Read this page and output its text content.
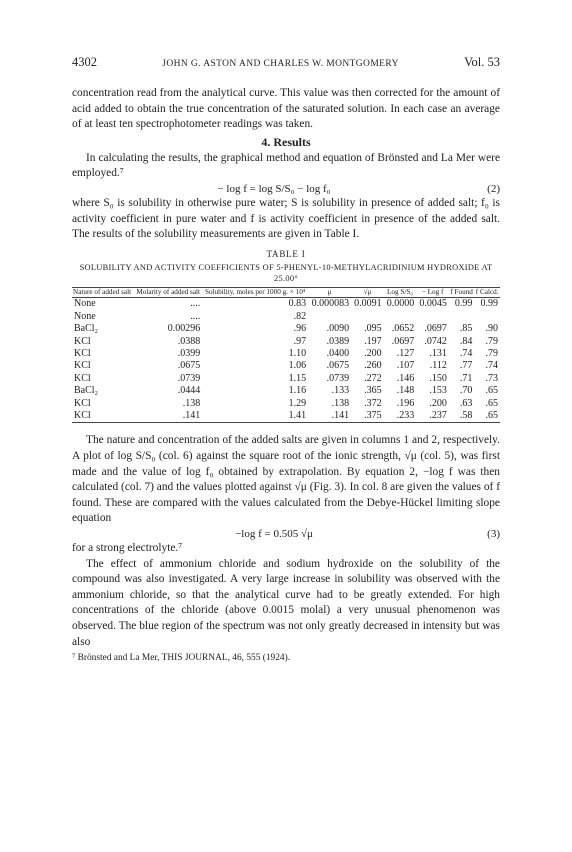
4302	JOHN G. ASTON AND CHARLES W. MONTGOMERY	Vol. 53

concentration read from the analytical curve. This value was then corrected for the amount of acid added to obtain the true concentration of the saturated solution. In each case an average of at least ten spectrophotometer readings was taken.

4. Results

In calculating the results, the graphical method and equation of Brönsted and La Mer were employed.⁷

− log f = log S/S₀ − log f₀	(2)

where S₀ is solubility in otherwise pure water; S is solubility in presence of added salt; f₀ is activity coefficient in pure water and f is activity coefficient in presence of the added salt. The results of the solubility measurements are given in Table I.

TABLE I
SOLUBILITY AND ACTIVITY COEFFICIENTS OF 5-PHENYL-10-METHYLACRIDINIUM HYDROXIDE AT 25.00°
Nature of added salt	Molarity of added salt	Solubility, moles per 1000 g. × 10⁴	μ	√μ	Log S/S₀	− Log f	f Found	f Calcd.
None	....	0.83	0.000083	0.0091	0.0000	0.0045	0.99	0.99
None	....	.82						
BaCl₂	0.00296	.96	.0090	.095	.0652	.0697	.85	.90
KCl	.0388	.97	.0389	.197	.0697	.0742	.84	.79
KCl	.0399	1.10	.0400	.200	.127	.131	.74	.79
KCl	.0675	1.06	.0675	.260	.107	.112	.77	.74
KCl	.0739	1.15	.0739	.272	.146	.150	.71	.73
BaCl₂	.0444	1.16	.133	.365	.148	.153	.70	.65
KCl	.138	1.29	.138	.372	.196	.200	.63	.65
KCl	.141	1.41	.141	.375	.233	.237	.58	.65

The nature and concentration of the added salts are given in columns 1 and 2, respectively. A plot of log S/S₀ (col. 6) against the square root of the ionic strength, √μ (col. 5), was first made and the value of log f₀ obtained by extrapolation. By equation 2, −log f was then calculated (col. 7) and the values plotted against √μ (Fig. 3). In col. 8 are given the values of f found. These are compared with the values calculated from the Debye-Hückel limiting slope equation

−log f = 0.505 √μ	(3)

for a strong electrolyte.⁷

The effect of ammonium chloride and sodium hydroxide on the solubility of the compound was also investigated. A very large increase in solubility was observed with the ammonium chloride, so that the analytical curve had to be greatly extended. For high concentrations of the chloride (above 0.0015 molal) a very unusual phenomenon was observed. The blue region of the spectrum was not only greatly decreased in intensity but was also

⁷ Brönsted and La Mer, THIS JOURNAL, 46, 555 (1924).
